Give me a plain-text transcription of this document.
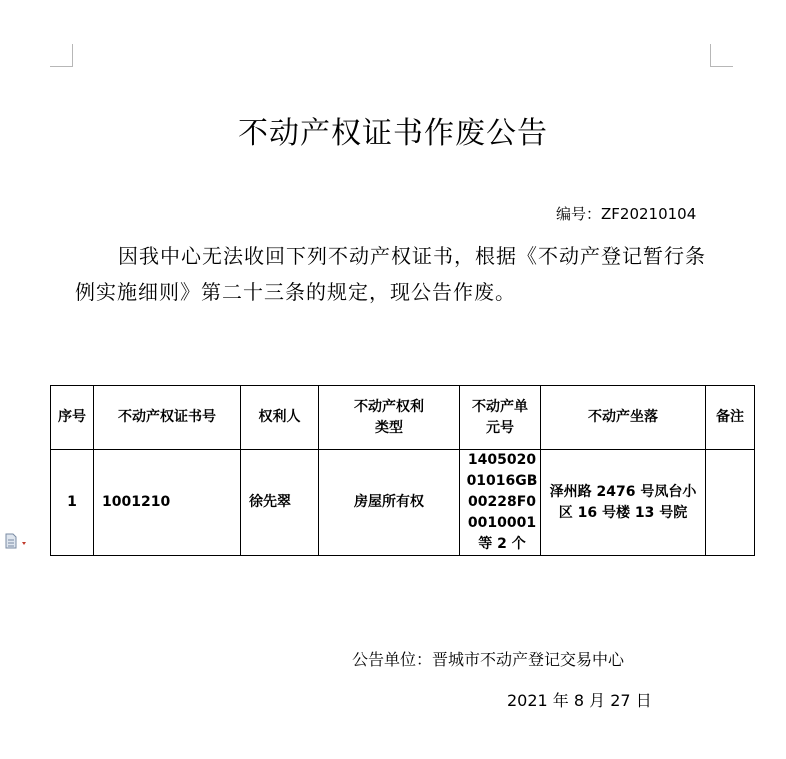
不动产权证书作废公告
编号：ZF20210104
因我中心无法收回下列不动产权证书，根据《不动产登记暂行条例实施细则》第二十三条的规定，现公告作废。
序号	不动产权证书号	权利人	不动产权利类型	不动产单元号	不动产坐落	备注
1	1001210	徐先翠	房屋所有权	140502001016GB00228F00010001 等 2 个	泽州路 2476 号凤台小区 16 号楼 13 号院	
公告单位：晋城市不动产登记交易中心
2021 年 8 月 27 日
